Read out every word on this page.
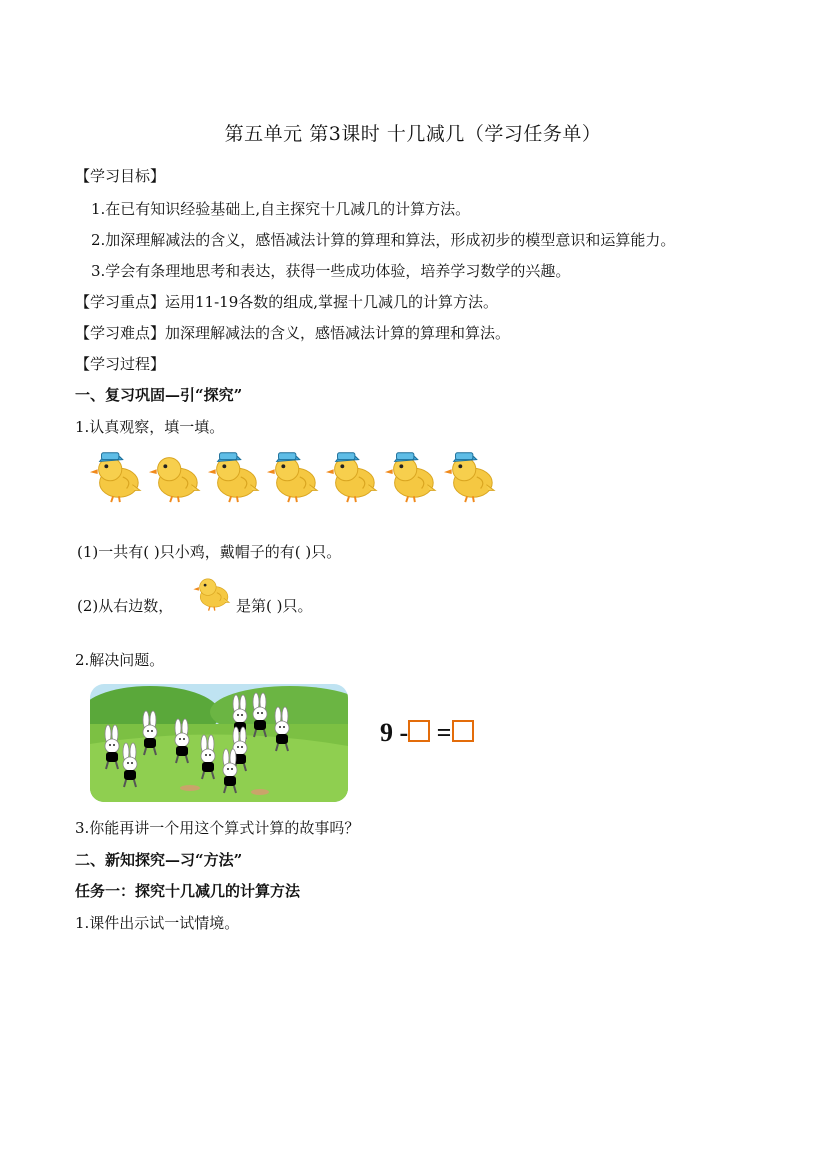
第五单元 第3课时 十几减几（学习任务单）
【学习目标】
1.在已有知识经验基础上,自主探究十几减几的计算方法。
2.加深理解减法的含义，感悟减法计算的算理和算法，形成初步的模型意识和运算能力。
3.学会有条理地思考和表达，获得一些成功体验，培养学习数学的兴趣。
【学习重点】运用11-19各数的组成,掌握十几减几的计算方法。
【学习难点】加深理解减法的含义，感悟减法计算的算理和算法。
【学习过程】
一、复习巩固—引“探究”
1.认真观察，填一填。
(1)一共有( )只小鸡，戴帽子的有( )只。
(2)从右边数，	是第( )只。
2.解决问题。
9 - =
3.你能再讲一个用这个算式计算的故事吗？
二、新知探究—习“方法”
任务一：探究十几减几的计算方法
1.课件出示试一试情境。
